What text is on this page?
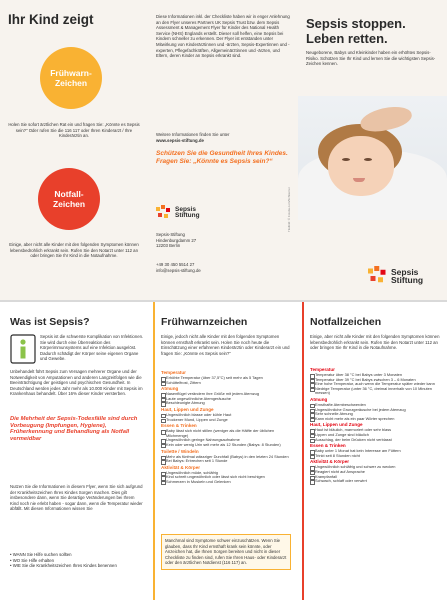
Ihr Kind zeigt
Frühwarn-
Zeichen
Holen Sie sofort ärztlichen Rat ein und fragen Sie: „Könnte es Sepsis sein?“ Oder rufen Sie die 116 117 oder Ihren Kinderarzt / Ihre Kinderärztin an.
Notfall-
Zeichen
Einige, aber nicht alle Kinder mit den folgenden Symptomen können lebensbedrohlich erkrankt sein. Rufen Sie den Notarzt unter 112 an oder bringen Sie Ihr Kind in die Notaufnahme.
Diese Informationen inkl. der Checkliste haben wir in enger Anlehnung an den Flyer unseres Partners UK Sepsis Trust bzw. dem Sepsis Assessment & Management Flyer für Kinder des National Health Service (NHS) Englands erstellt. Dieser soll helfen, eine Sepsis bei Kindern schneller zu erkennen. Der Flyer ist entstanden unter Mitwirkung von Kinderärztinnen und -ärzten, Sepsis-Expertinnen und -experten, Pflegefachkräften, Allgemeinärztinnen und -ärzten, und Eltern, deren Kinder an Sepsis erkrankt sind.
Weitere Informationen finden Sie unter
www.sepsis-stiftung.de
Schützen Sie die Gesundheit Ihres Kindes. Fragen Sie: „Könnte es Sepsis sein?“
Sepsis
Stiftung
Sepsis-Stiftung
Hindenburgdamm 27
12203 Berlin
+49 30 450 5514 27
info@sepsis-stiftung.de
Titelbild: © Fotolia.com/Schlierner
Sepsis stoppen. Leben retten.
Neugeborene, Babys und Kleinkinder haben ein erhöhtes Sepsis-Risiko. Schützen Sie Ihr Kind und lernen Sie die wichtigsten Sepsis-Zeichen kennen.
Sepsis
Stiftung
Was ist Sepsis?
Sepsis ist die schwerste Komplikation von Infektionen. Sie wird durch eine Überreaktion des Körperimmunsystems auf eine Infektion ausgelöst. Dadurch schädigt der Körper seine eigenen Organe und Gewebe.
Unbehandelt führt Sepsis zum Versagen mehrerer Organe und der Notwendigkeit von Amputationen und anderen Langzeitfolgen wie die Beeinträchtigung der geistigen und psychischen Gesundheit. In Deutschland werden jedes Jahr mehr als 10.000 Kinder mit Sepsis im Krankenhaus behandelt. Über 16% dieser Kinder versterben.
Die Mehrheit der Sepsis-Todesfälle sind durch Vorbeugung (Impfungen, Hygiene), Früherkennung und Behandlung als Notfall vermeidbar
Nutzen Sie die Informationen in diesem Flyer, wenn Sie sich aufgrund der Krankheitszeichen Ihres Kindes Sorgen machen. Dies gilt insbesondere dann, wenn Sie derartige Veränderungen bei Ihrem Kind noch nie erlebt haben - sogar dann, wenn die Temperatur wieder abfällt. Mit diesen Informationen wissen Sie
• WANN Sie Hilfe suchen sollten
• WO Sie Hilfe erhalten
• WIE Sie die Krankheitszeichen Ihres Kindes benennen
Frühwarnzeichen
Einige, jedoch nicht alle Kinder mit den folgenden Symptomen können ernsthaft erkrankt sein. Holen Sie noch heute die Einschätzung einer erfahrenen Kinderärztin oder Kinderarzt ein und fragen Sie: „Könnte es Sepsis sein?“
Temperatur
Erhöhte Temperatur (über 37,5°C) seit mehr als 5 Tagen
Schüttelfrost, Zittern
Atmung
Nasenflügel verändern ihre Größe mit jedem Atemzug
Laute ungewöhnliche Atemgeräusche
Beschleunigte Atmung
Haut, Lippen und Zunge
Ungewöhnlich blasse oder kühle Haut
Trockener Mund, Lippen und Zunge
Essen & Trinken
Baby lässt sich nicht stillen (weniger als die Hälfte der üblichen Milchmenge)
Ungewöhnlich geringe Nahrungsaufnahme
Kein oder wenig Urin seit mehr als 12 Stunden (Babys: 8 Stunden)
Toilette / Windeln
Mehr als fünfmal wässriger Durchfall (Babys) in den letzten 24 Stunden
Bei Babys: Erbrechen seit 1 Stunde
Aktivität & Körper
Ungewöhnlich müde, schläfrig
Kind schreit ungewöhnlich oder lässt sich nicht beruhigen
Schmerzen in Muskeln und Gelenken
Manchmal sind Symptome schwer einzuschätzen. Wenn Sie glauben, dass Ihr Kind ernsthaft krank sein könnte, oder Anzeichen hat, die Ihnen Sorgen bereiten und nicht in dieser Checkliste zu finden sind, rufen Sie Ihren Haus- oder Kinderarzt oder den ärztlichen Notdienst (116 117) an.
Notfallzeichen
Einige, aber nicht alle Kinder mit den folgenden Symptomen können lebensbedrohlich erkrankt sein. Rufen Sie den Notarzt unter 112 an oder bringen Sie Ihr Kind in die Notaufnahme.
Temperatur
Temperatur über 38 °C bei Babys unter 3 Monaten
Temperatur über 39 °C bei Babys zwischen 3 – 6 Monaten
Eine hohe Temperatur, auch wenn die Temperatur später wieder kann
Niedrige Temperatur (unter 36 °C, dreimal innerhalb von 10 Minuten messen)
Atmung
Ernsthafte Atembeschwerden
Ungewöhnliche Grunzgeräusche bei jedem Atemzug
Sehr schnelle Atmung
Kann nicht mehr als ein paar Wörter sprechen
Haut, Lippen und Zunge
Haut ist bläulich, marmoriert oder sehr blass
Lippen und Zunge sind bläulich
Ausschlag, der beim Drücken nicht verblasst
Essen & Trinken
Baby unter 1 Monat hat kein Interesse am Füttern
Trinkt seit 8 Stunden nicht
Aktivität & Körper
Ungewöhnlich schläfrig und schwer zu wecken
Reagiert nicht auf Ansprache
Krampfanfall
Schwach, schlaff oder verwirrt
